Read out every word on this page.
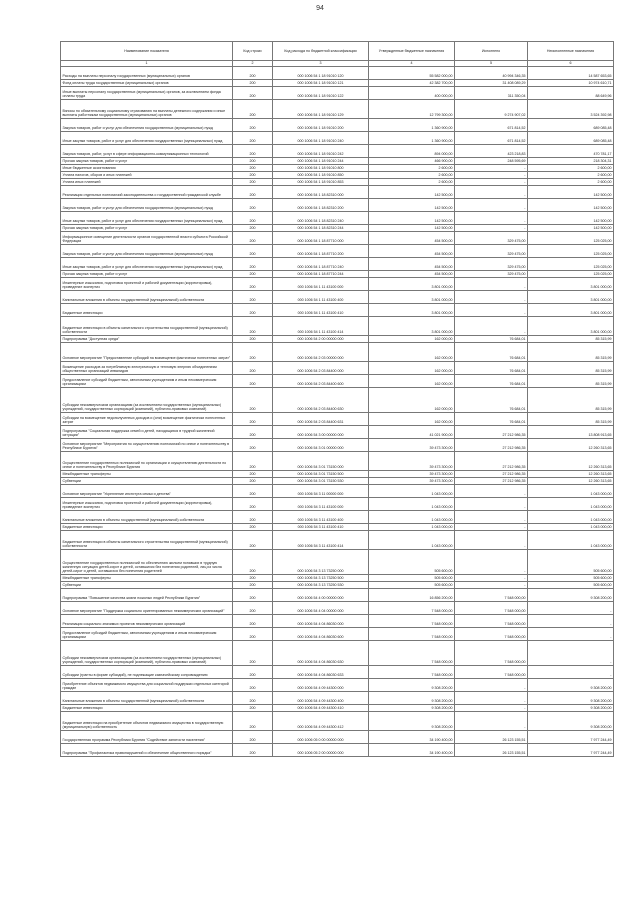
94
Наименование показателя	Код строки	Код расхода по бюджетной классификации	Утвержденные бюджетные назначения	Исполнено	Неисполненные назначения
1	2	3	4	5	6
Расходы на выплаты персоналу государственных (муниципальных) органов	200	000 1006 54 1 18 91010 120	55 582 000,00	40 994 346,35	14 587 653,65
Фонд оплаты труда государственных (муниципальных) органов	200	000 1006 54 1 18 91010 121	42 382 700,00	31 408 089,29	10 974 610,71
Иные выплаты персоналу государственных (муниципальных) органов, за исключением фонда оплаты труда	200	000 1006 54 1 18 91010 122	400 000,00	311 350,04	88 649,96
Взносы по обязательному социальному страхованию на выплаты денежного содержания и иные выплаты работникам государственных (муниципальных) органов	200	000 1006 54 1 18 91010 129	12 799 300,00	9 274 907,02	3 524 392,98
Закупка товаров, работ и услуг для обеспечения государственных (муниципальных) нужд	200	000 1006 54 1 18 91010 200	1 360 900,00	671 814,52	689 085,48
Иные закупки товаров, работ и услуг для обеспечения государственных (муниципальных) нужд	200	000 1006 54 1 18 91010 240	1 360 900,00	671 814,52	689 085,48
Закупка товаров, работ, услуг в сфере информационно-коммуникационных технологий	200	000 1006 54 1 18 91010 242	894 000,00	423 218,83	470 781,17
Прочая закупка товаров, работ и услуг	200	000 1006 54 1 18 91010 244	466 900,00	248 595,69	218 304,31
Иные бюджетные ассигнования	200	000 1006 54 1 18 91010 800	2 600,00	-	2 600,00
Уплата налогов, сборов и иных платежей	200	000 1006 54 1 18 91010 850	2 600,00	-	2 600,00
Уплата иных платежей	200	000 1006 54 1 18 91010 853	2 600,00	-	2 600,00
Реализация отдельных полномочий законодательства о государственной гражданской службе	200	000 1006 54 1 18 82310 000	142 500,00	-	142 500,00
Закупка товаров, работ и услуг для обеспечения государственных (муниципальных) нужд	200	000 1006 54 1 18 82310 200	142 500,00	-	142 500,00
Иные закупки товаров, работ и услуг для обеспечения государственных (муниципальных) нужд	200	000 1006 54 1 18 82310 240	142 500,00	-	142 500,00
Прочая закупка товаров, работ и услуг	200	000 1006 54 1 18 82310 244	142 500,00	-	142 500,00
Информационное освещение деятельности органов государственной власти субъекта Российской Федерации	200	000 1006 54 1 18 87710 000	454 500,00	329 475,00	125 025,00
Закупка товаров, работ и услуг для обеспечения государственных (муниципальных) нужд	200	000 1006 54 1 18 87710 200	454 500,00	329 475,00	125 025,00
Иные закупки товаров, работ и услуг для обеспечения государственных (муниципальных) нужд	200	000 1006 54 1 18 87710 240	454 500,00	329 475,00	125 025,00
Прочая закупка товаров, работ и услуг	200	000 1006 54 1 18 87710 244	454 500,00	329 475,00	125 025,00
Инженерные изыскания, подготовка проектной и рабочей документации (корректировка), проведение экспертиз	200	000 1006 54 1 11 43100 000	3 801 000,00	-	3 801 000,00
Капитальные вложения в объекты государственной (муниципальной) собственности	200	000 1006 54 1 11 43100 400	3 801 000,00	-	3 801 000,00
Бюджетные инвестиции	200	000 1006 54 1 11 43100 410	3 801 000,00	-	3 801 000,00
Бюджетные инвестиции в объекты капитального строительства государственной (муниципальной) собственности	200	000 1006 54 1 11 43100 414	3 801 000,00	-	3 801 000,00
Подпрограмма "Доступная среда"	200	000 1006 54 2 00 00000 000	162 000,00	76 684,01	85 315,99
Основное мероприятие "Предоставление субсидий на возмещение фактически понесенных затрат"	200	000 1006 54 2 03 00000 000	162 000,00	76 684,01	85 315,99
Возмещение расходов за потребляемую электрическую и тепловую энергию объединениям общественных организаций инвалидов	200	000 1006 54 2 03 84400 000	162 000,00	76 684,01	85 315,99
Предоставление субсидий бюджетным, автономным учреждениям и иным некоммерческим организациям	200	000 1006 54 2 03 84400 600	162 000,00	76 684,01	85 315,99
Субсидии некоммерческим организациям (за исключением государственных (муниципальных) учреждений, государственных корпораций (компаний), публично-правовых компаний)	200	000 1006 54 2 03 84400 630	162 000,00	76 684,01	85 315,99
Субсидии на возмещение недополученных доходов и (или) возмещение фактически понесенных затрат	200	000 1006 54 2 03 84400 631	162 000,00	76 684,01	85 315,99
Подпрограмма "Социальная поддержка семей и детей, находящихся в трудной жизненной ситуации"	200	000 1006 54 3 00 00000 000	41 021 900,00	27 212 986,35	13 808 913,65
Основное мероприятие "Мероприятия по осуществлению полномочий по опеке и попечительству в Республике Бурятия"	200	000 1006 54 3 01 00000 000	39 473 300,00	27 212 986,35	12 260 313,65
Осуществление государственных полномочий по организации и осуществлению деятельности по опеке и попечительству в Республике Бурятия	200	000 1006 54 3 01 73150 000	39 473 300,00	27 212 986,35	12 260 313,65
Межбюджетные трансферты	200	000 1006 54 3 01 73150 500	39 473 300,00	27 212 986,35	12 260 313,65
Субвенции	200	000 1006 54 3 01 73150 530	39 473 300,00	27 212 986,35	12 260 313,65
Основное мероприятие "Укрепление института семьи и детства"	200	000 1006 54 3 11 00000 000	1 043 000,00	-	1 043 000,00
Инженерные изыскания, подготовка проектной и рабочей документации (корректировка), проведение экспертиз	200	000 1006 54 3 11 43100 000	1 043 000,00	-	1 043 000,00
Капитальные вложения в объекты государственной (муниципальной) собственности	200	000 1006 54 3 11 43100 400	1 043 000,00	-	1 043 000,00
Бюджетные инвестиции	200	000 1006 54 3 11 43100 410	1 043 000,00	-	1 043 000,00
Бюджетные инвестиции в объекты капитального строительства государственной (муниципальной) собственности	200	000 1006 54 3 11 43100 414	1 043 000,00	-	1 043 000,00
Осуществление государственных полномочий по обеспечению жильем попавших в трудную жизненную ситуацию детей-сирот и детей, оставшихся без попечения родителей, лиц из числа детей-сирот и детей, оставшихся без попечения родителей	200	000 1006 54 3 13 73250 000	505 600,00	-	505 600,00
Межбюджетные трансферты	200	000 1006 54 3 13 73250 500	505 600,00	-	505 600,00
Субвенции	200	000 1006 54 3 13 73250 530	505 600,00	-	505 600,00
Подпрограмма "Повышение качества жизни пожилых людей Республики Бурятия"	200	000 1006 54 4 00 00000 000	16 856 200,00	7 548 000,00	9 308 200,00
Основное мероприятие "Поддержка социально ориентированных некоммерческих организаций"	200	000 1006 54 4 04 00000 000	7 548 000,00	7 548 000,00	-
Реализация социально значимых проектов некоммерческих организаций	200	000 1006 54 4 04 86030 000	7 548 000,00	7 548 000,00	-
Предоставление субсидий бюджетным, автономным учреждениям и иным некоммерческим организациям	200	000 1006 54 4 04 86030 600	7 548 000,00	7 548 000,00	-
Субсидии некоммерческим организациям (за исключением государственных (муниципальных) учреждений, государственных корпораций (компаний), публично-правовых компаний)	200	000 1006 54 4 04 86030 630	7 548 000,00	7 548 000,00	-
Субсидии (гранты в форме субсидий), не подлежащие казначейскому сопровождению	200	000 1006 54 4 04 86030 633	7 548 000,00	7 548 000,00	-
Приобретение объектов недвижимого имущества для социальной поддержки отдельных категорий граждан	200	000 1006 54 4 09 44300 000	9 308 200,00	-	9 308 200,00
Капитальные вложения в объекты государственной (муниципальной) собственности	200	000 1006 54 4 09 44300 400	9 308 200,00	-	9 308 200,00
Бюджетные инвестиции	200	000 1006 54 4 09 44300 410	9 308 200,00	-	9 308 200,00
Бюджетные инвестиции на приобретение объектов недвижимого имущества в государственную (муниципальную) собственность	200	000 1006 54 4 09 44300 412	9 308 200,00	-	9 308 200,00
Государственная программа Республики Бурятия "Содействие занятости населения"	200	000 1006 05 0 00 00000 000	34 190 400,00	26 123 155,51	7 977 244,49
Подпрограмма "Профилактика правонарушений и обеспечение общественного порядка"	200	000 1006 05 2 00 00000 000	34 190 400,00	26 123 155,51	7 977 244,49
